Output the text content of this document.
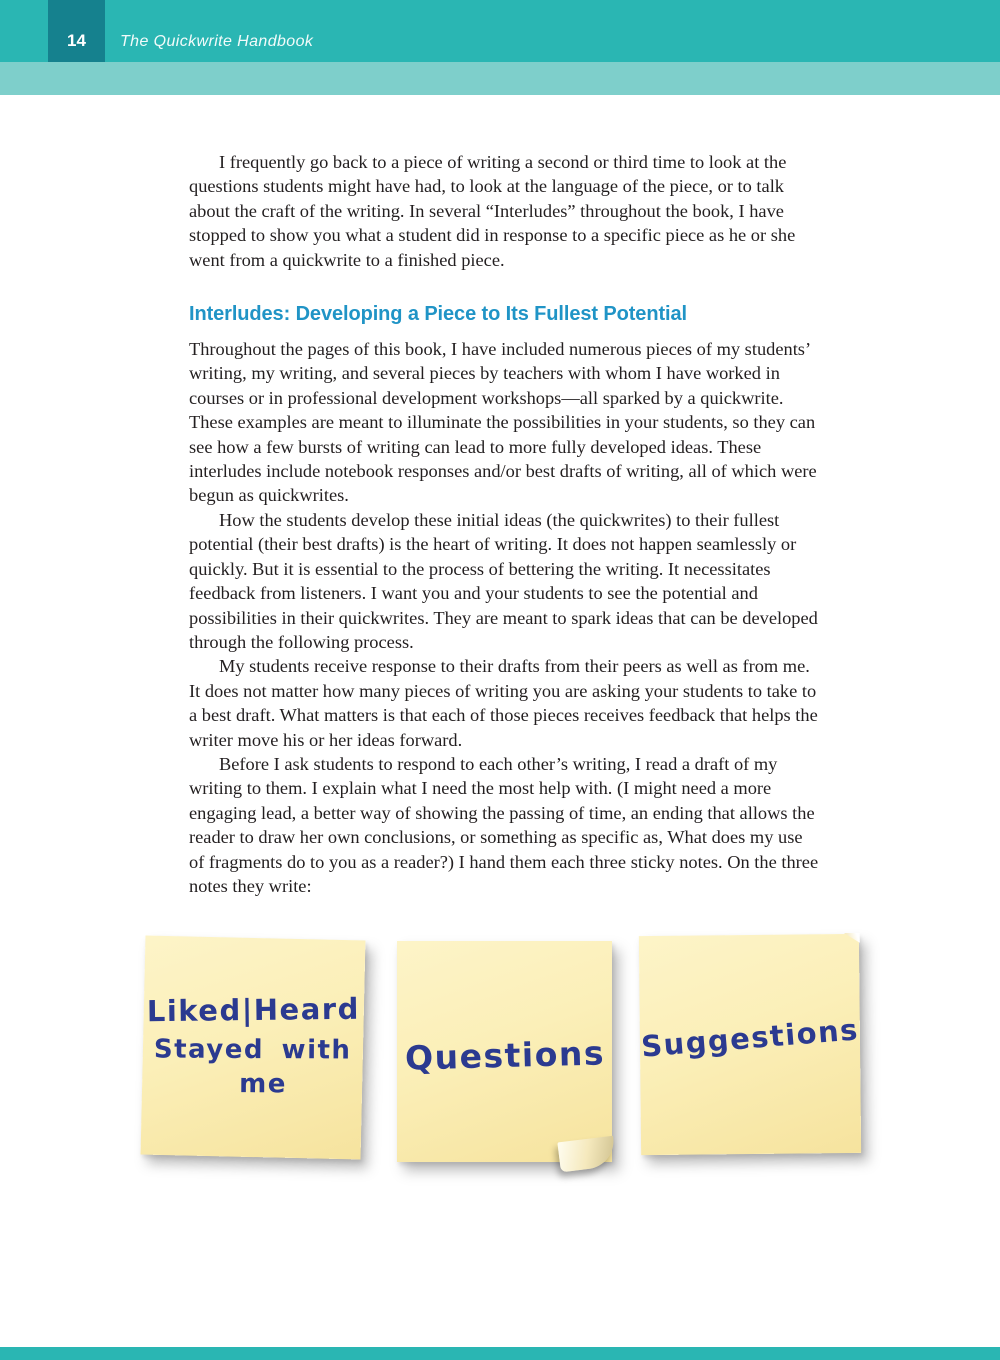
14 The Quickwrite Handbook

I frequently go back to a piece of writing a second or third time to look at the questions students might have had, to look at the language of the piece, or to talk about the craft of the writing. In several “Interludes” throughout the book, I have stopped to show you what a student did in response to a specific piece as he or she went from a quickwrite to a finished piece.

Interludes: Developing a Piece to Its Fullest Potential

Throughout the pages of this book, I have included numerous pieces of my students’ writing, my writing, and several pieces by teachers with whom I have worked in courses or in professional development workshops—all sparked by a quickwrite. These examples are meant to illuminate the possibilities in your students, so they can see how a few bursts of writing can lead to more fully developed ideas. These interludes include notebook responses and/or best drafts of writing, all of which were begun as quickwrites.

How the students develop these initial ideas (the quickwrites) to their fullest potential (their best drafts) is the heart of writing. It does not happen seamlessly or quickly. But it is essential to the process of bettering the writing. It necessitates feedback from listeners. I want you and your students to see the potential and possibilities in their quickwrites. They are meant to spark ideas that can be developed through the following process.

My students receive response to their drafts from their peers as well as from me. It does not matter how many pieces of writing you are asking your students to take to a best draft. What matters is that each of those pieces receives feedback that helps the writer move his or her ideas forward.

Before I ask students to respond to each other’s writing, I read a draft of my writing to them. I explain what I need the most help with. (I might need a more engaging lead, a better way of showing the passing of time, an ending that allows the reader to draw her own conclusions, or something as specific as, What does my use of fragments do to you as a reader?) I hand them each three sticky notes. On the three notes they write:

Liked|Heard
Stayed with
me
Questions Suggestions
